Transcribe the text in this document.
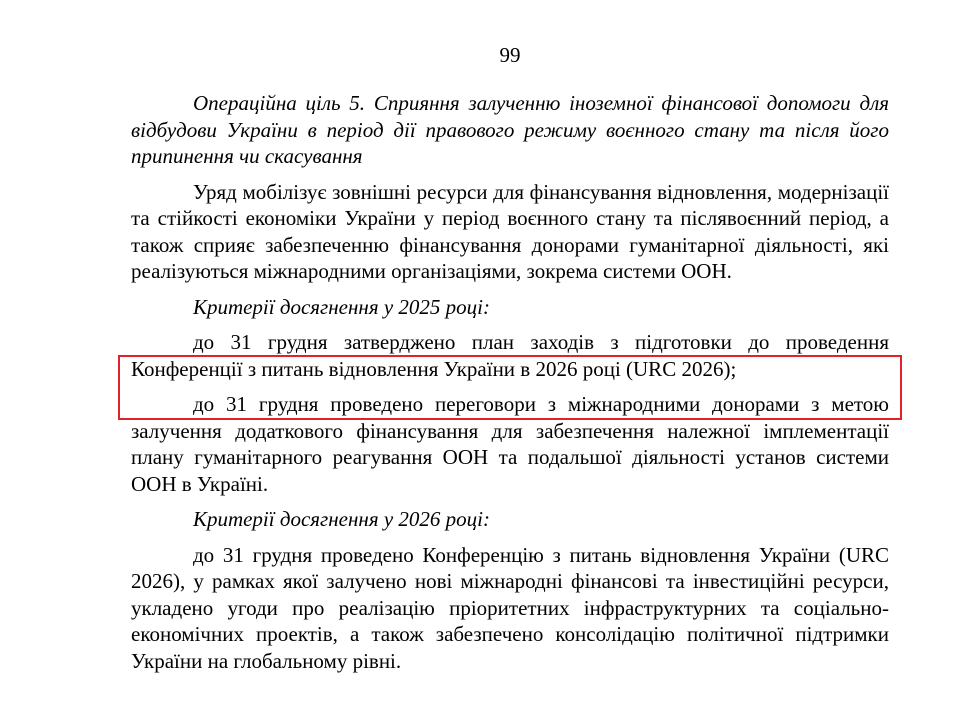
99

Операційна ціль 5. Сприяння залученню іноземної фінансової допомоги для відбудови України в період дії правового режиму воєнного стану та після його припинення чи скасування

Уряд мобілізує зовнішні ресурси для фінансування відновлення, модернізації та стійкості економіки України у період воєнного стану та післявоєнний період, а також сприяє забезпеченню фінансування донорами гуманітарної діяльності, які реалізуються міжнародними організаціями, зокрема системи ООН.

Критерії досягнення у 2025 році:

до 31 грудня затверджено план заходів з підготовки до проведення Конференції з питань відновлення України в 2026 році (URC 2026);

до 31 грудня проведено переговори з міжнародними донорами з метою залучення додаткового фінансування для забезпечення належної імплементації плану гуманітарного реагування ООН та подальшої діяльності установ системи ООН в Україні.

Критерії досягнення у 2026 році:

до 31 грудня проведено Конференцію з питань відновлення України (URC 2026), у рамках якої залучено нові міжнародні фінансові та інвестиційні ресурси, укладено угоди про реалізацію пріоритетних інфраструктурних та соціально-економічних проектів, а також забезпечено консолідацію політичної підтримки України на глобальному рівні.
